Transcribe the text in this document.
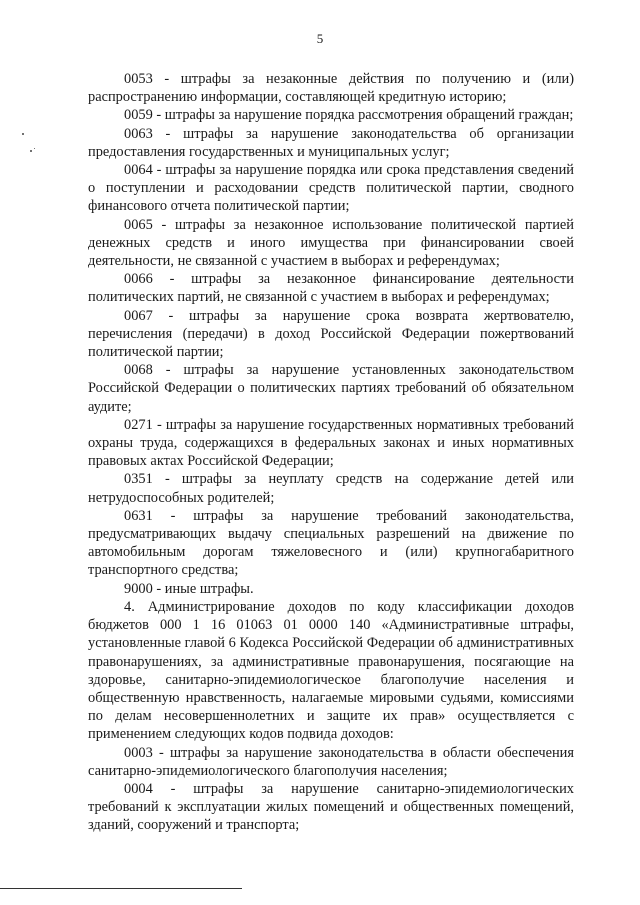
5

0053 - штрафы за незаконные действия по получению и (или) распространению информации, составляющей кредитную историю;

0059 - штрафы за нарушение порядка рассмотрения обращений граждан;

0063 - штрафы за нарушение законодательства об организации предоставления государственных и муниципальных услуг;

0064 - штрафы за нарушение порядка или срока представления сведений о поступлении и расходовании средств политической партии, сводного финансового отчета политической партии;

0065 - штрафы за незаконное использование политической партией денежных средств и иного имущества при финансировании своей деятельности, не связанной с участием в выборах и референдумах;

0066 - штрафы за незаконное финансирование деятельности политических партий, не связанной с участием в выборах и референдумах;

0067 - штрафы за нарушение срока возврата жертвователю, перечисления (передачи) в доход Российской Федерации пожертвований политической партии;

0068 - штрафы за нарушение установленных законодательством Российской Федерации о политических партиях требований об обязательном аудите;

0271 - штрафы за нарушение государственных нормативных требований охраны труда, содержащихся в федеральных законах и иных нормативных правовых актах Российской Федерации;

0351 - штрафы за неуплату средств на содержание детей или нетрудоспособных родителей;

0631 - штрафы за нарушение требований законодательства, предусматривающих выдачу специальных разрешений на движение по автомобильным дорогам тяжеловесного и (или) крупногабаритного транспортного средства;

9000 - иные штрафы.

4. Администрирование доходов по коду классификации доходов бюджетов 000 1 16 01063 01 0000 140 «Административные штрафы, установленные главой 6 Кодекса Российской Федерации об административных правонарушениях, за административные правонарушения, посягающие на здоровье, санитарно-эпидемиологическое благополучие населения и общественную нравственность, налагаемые мировыми судьями, комиссиями по делам несовершеннолетних и защите их прав» осуществляется с применением следующих кодов подвида доходов:

0003 - штрафы за нарушение законодательства в области обеспечения санитарно-эпидемиологического благополучия населения;

0004 - штрафы за нарушение санитарно-эпидемиологических требований к эксплуатации жилых помещений и общественных помещений, зданий, сооружений и транспорта;
